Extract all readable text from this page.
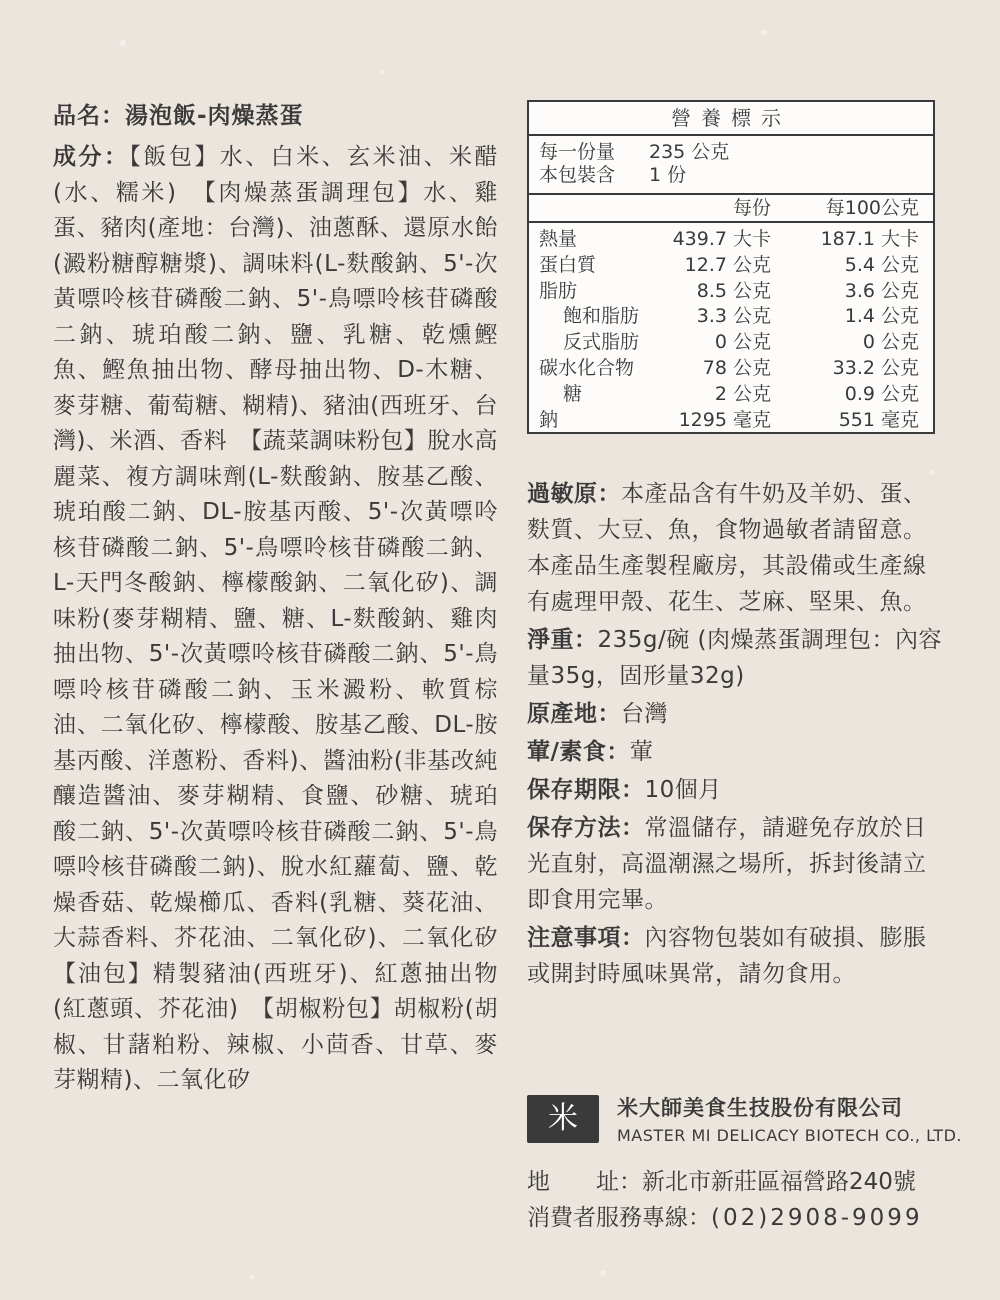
品名：湯泡飯-肉燥蒸蛋

成分：【飯包】水、白米、玄米油、米醋(水、糯米)　【肉燥蒸蛋調理包】水、雞蛋、豬肉(產地：台灣)、油蔥酥、還原水飴(澱粉糖醇糖漿)、調味料(L-麩酸鈉、5'-次黃嘌呤核苷磷酸二鈉、5'-鳥嘌呤核苷磷酸二鈉、琥珀酸二鈉、鹽、乳糖、乾燻鰹魚、鰹魚抽出物、酵母抽出物、D-木糖、麥芽糖、葡萄糖、糊精)、豬油(西班牙、台灣)、米酒、香料　【蔬菜調味粉包】脫水高麗菜、複方調味劑(L-麩酸鈉、胺基乙酸、琥珀酸二鈉、DL-胺基丙酸、5'-次黃嘌呤核苷磷酸二鈉、5'-鳥嘌呤核苷磷酸二鈉、L-天門冬酸鈉、檸檬酸鈉、二氧化矽)、調味粉(麥芽糊精、鹽、糖、L-麩酸鈉、雞肉抽出物、5'-次黃嘌呤核苷磷酸二鈉、5'-鳥嘌呤核苷磷酸二鈉、玉米澱粉、軟質棕油、二氧化矽、檸檬酸、胺基乙酸、DL-胺基丙酸、洋蔥粉、香料)、醬油粉(非基改純釀造醬油、麥芽糊精、食鹽、砂糖、琥珀酸二鈉、5'-次黃嘌呤核苷磷酸二鈉、5'-鳥嘌呤核苷磷酸二鈉)、脫水紅蘿蔔、鹽、乾燥香菇、乾燥櫛瓜、香料(乳糖、葵花油、大蒜香料、芥花油、二氧化矽)、二氧化矽　【油包】精製豬油(西班牙)、紅蔥抽出物(紅蔥頭、芥花油)　【胡椒粉包】胡椒粉(胡椒、甘藷粕粉、辣椒、小茴香、甘草、麥芽糊精)、二氧化矽

營養標示
每一份量 235 公克
本包裝含 1 份
每份	每100公克
熱量	439.7 大卡	187.1 大卡
蛋白質	12.7 公克	5.4 公克
脂肪	8.5 公克	3.6 公克
飽和脂肪	3.3 公克	1.4 公克
反式脂肪	0 公克	0 公克
碳水化合物	78 公克	33.2 公克
糖	2 公克	0.9 公克
鈉	1295 毫克	551 毫克

過敏原：本產品含有牛奶及羊奶、蛋、麩質、大豆、魚，食物過敏者請留意。本產品生產製程廠房，其設備或生產線有處理甲殼、花生、芝麻、堅果、魚。

淨重：235g/碗 (肉燥蒸蛋調理包：內容量35g，固形量32g)

原產地：台灣

葷/素食：葷

保存期限：10個月

保存方法：常溫儲存，請避免存放於日光直射，高溫潮濕之場所，拆封後請立即食用完畢。

注意事項：內容物包裝如有破損、膨脹或開封時風味異常，請勿食用。

米	米大師美食生技股份有限公司
MASTER MI DELICACY BIOTECH CO., LTD.
地　　址：新北市新莊區福營路240號
消費者服務專線：(02)2908-9099
